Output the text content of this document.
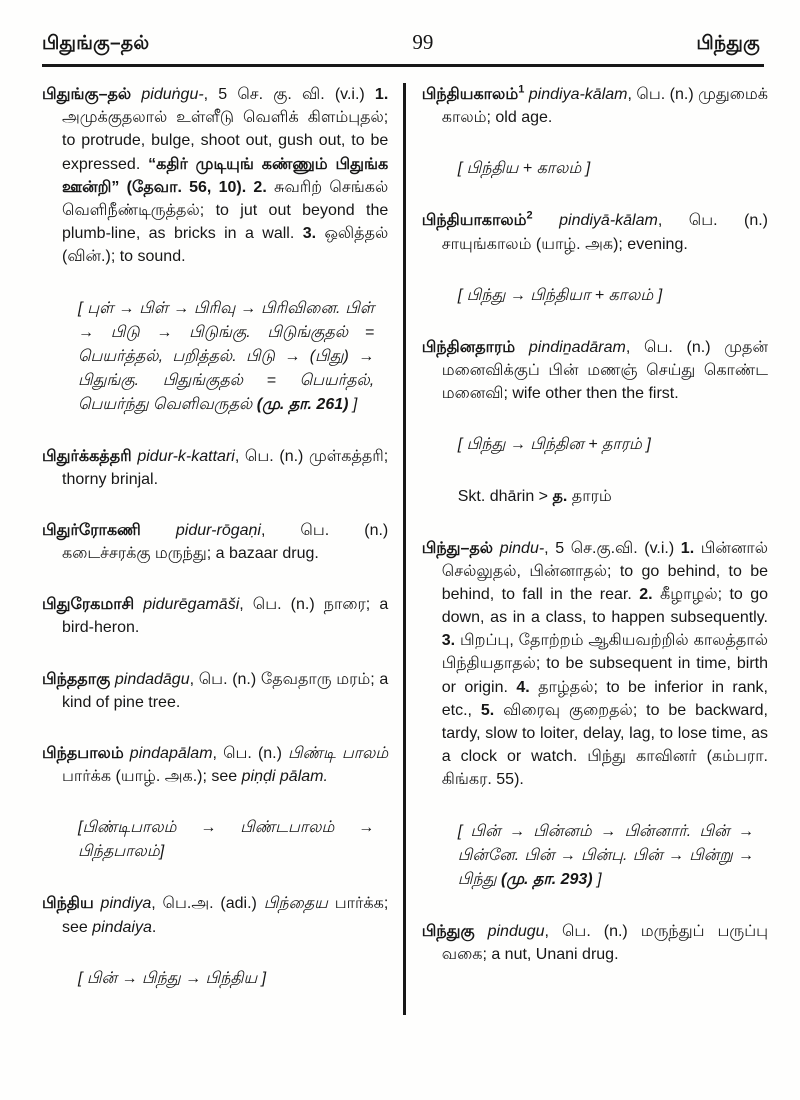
பிதுங்கு–தல்	99	பிந்துகு

பிதுங்கு–தல் piduṅgu-, 5 செ. கு. வி. (v.i.) 1. அமுக்குதலால் உள்ளீடு வெளிக் கிளம்புதல்; to protrude, bulge, shoot out, gush out, to be expressed. “கதிர் முடியுங் கண்ணும் பிதுங்க ஊன்றி” (தேவா. 56, 10). 2. சுவரிற் செங்கல் வெளிநீண்டிருத்தல்; to jut out beyond the plumb-line, as bricks in a wall. 3. ஒலித்தல் (வின்.); to sound.

[ புள் → பிள் → பிரிவு → பிரிவினை. பிள் → பிடு → பிடுங்கு. பிடுங்குதல் = பெயர்த்தல், பறித்தல். பிடு → (பிது) → பிதுங்கு. பிதுங்குதல் = பெயர்தல், பெயர்ந்து வெளிவருதல் (மு. தா. 261) ]

பிதுர்க்கத்தரி pidur-k-kattari, பெ. (n.) முள்கத்தரி; thorny brinjal.

பிதுர்ரோகணி pidur-rōgaṇi, பெ. (n.) கடைச்சரக்கு மருந்து; a bazaar drug.

பிதுரேகமாசி pidurēgamāši, பெ. (n.) நாரை; a bird-heron.

பிந்ததாகு pindadāgu, பெ. (n.) தேவதாரு மரம்; a kind of pine tree.

பிந்தபாலம் pindapālam, பெ. (n.) பிண்டி பாலம் பார்க்க (யாழ். அக.); see piṇḍi pālam.

[பிண்டிபாலம் → பிண்டபாலம் → பிந்தபாலம்]

பிந்திய pindiya, பெ.அ. (adi.) பிந்தைய பார்க்க; see pindaiya.

[ பின் → பிந்து → பிந்திய ]

பிந்தியகாலம்$^1$ pindiya-kālam, பெ. (n.) முதுமைக் காலம்; old age.

[ பிந்திய + காலம் ]

பிந்தியாகாலம்$^2$ pindiyā-kālam, பெ. (n.) சாயுங்காலம் (யாழ். அக); evening.

[ பிந்து → பிந்தியா + காலம் ]

பிந்தினதாரம் pindiṉadāram, பெ. (n.) முதன் மனைவிக்குப் பின் மணஞ் செய்து கொண்ட மனைவி; wife other then the first.

[ பிந்து → பிந்தின + தாரம் ]

Skt. dhārin > த. தாரம்

பிந்து–தல் pindu-, 5 செ.கு.வி. (v.i.) 1. பின்னால் செல்லுதல், பின்னாதல்; to go behind, to be behind, to fall in the rear. 2. கீழாழல்; to go down, as in a class, to happen subsequently. 3. பிறப்பு, தோற்றம் ஆகியவற்றில் காலத்தால் பிந்தியதாதல்; to be subsequent in time, birth or origin. 4. தாழ்தல்; to be inferior in rank, etc., 5. விரைவு குறைதல்; to be backward, tardy, slow to loiter, delay, lag, to lose time, as a clock or watch. பிந்து காவினர் (கம்பரா. கிங்கர. 55).

[ பின் → பின்னம் → பின்னார். பின் → பின்னே. பின் → பின்பு. பின் → பின்று → பிந்து (மு. தா. 293) ]

பிந்துகு pindugu, பெ. (n.) மருந்துப் பருப்பு வகை; a nut, Unani drug.
